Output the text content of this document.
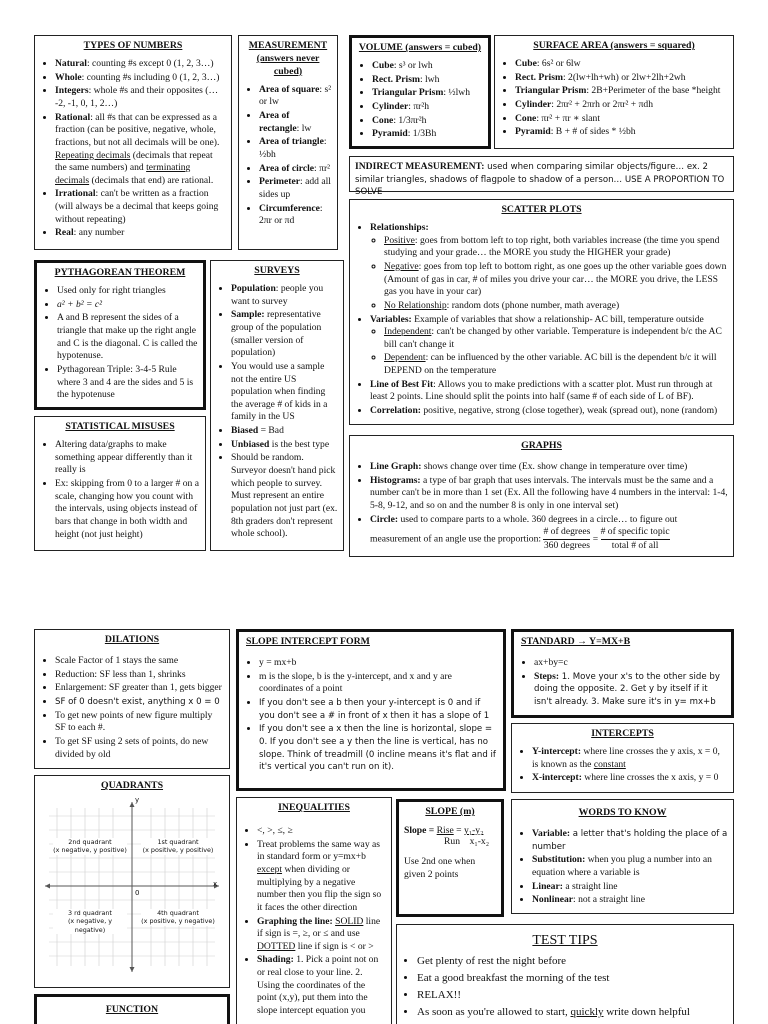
TYPES OF NUMBERS
• Natural: counting #s except 0 (1, 2, 3…)
• Whole: counting #s including 0 (1, 2, 3…)
• Integers: whole #s and their opposites (… -2, -1, 0, 1, 2…)
• Rational: all #s that can be expressed as a fraction (can be positive, negative, whole, fractions, but not all decimals will be one). Repeating decimals (decimals that repeat the same numbers) and terminating decimals (decimals that end) are rational.
• Irrational: can't be written as a fraction (will always be a decimal that keeps going without repeating)
• Real: any number
MEASUREMENT (answers never cubed)
• Area of square: s² or lw
• Area of rectangle: lw
• Area of triangle: ½bh
• Area of circle: πr²
• Perimeter: add all sides up
• Circumference: 2πr or πd
VOLUME (answers = cubed)
• Cube: s³ or lwh
• Rect. Prism: lwh
• Triangular Prism: ½lwh
• Cylinder: πr²h
• Cone: 1/3πr²h
• Pyramid: 1/3Bh
SURFACE AREA (answers = squared)
• Cube: 6s² or 6lw
• Rect. Prism: 2(lw+lh+wh) or 2lw+2lh+2wh
• Triangular Prism: 2B+Perimeter of the base *height
• Cylinder: 2πr² + 2πrh or 2πr² + πdh
• Cone: πr² + πr ∗ slant
• Pyramid: B + # of sides * ½bh
INDIRECT MEASUREMENT: used when comparing similar objects/figure… ex. 2 similar triangles, shadows of flagpole to shadow of a person… USE A PROPORTION TO SOLVE
SCATTER PLOTS
• Relationships:
◦ Positive: goes from bottom left to top right, both variables increase (the time you spend studying and your grade… the MORE you study the HIGHER your grade)
◦ Negative: goes from top left to bottom right, as one goes up the other variable goes down (Amount of gas in car, # of miles you drive your car… the MORE you drive, the LESS gas you have in your car)
◦ No Relationship: random dots (phone number, math average)
• Variables: Example of variables that show a relationship- AC bill, temperature outside
◦ Independent: can't be changed by other variable. Temperature is independent b/c the AC bill can't change it
◦ Dependent: can be influenced by the other variable. AC bill is the dependent b/c it will DEPEND on the temperature
• Line of Best Fit: Allows you to make predictions with a scatter plot. Must run through at least 2 points. Line should split the points into half (same # of each side of L of BF).
• Correlation: positive, negative, strong (close together), weak (spread out), none (random)
PYTHAGOREAN THEOREM
• Used only for right triangles
• a² + b² = c²
• A and B represent the sides of a triangle that make up the right angle and C is the diagonal. C is called the hypotenuse.
• Pythagorean Triple: 3-4-5 Rule where 3 and 4 are the sides and 5 is the hypotenuse
SURVEYS
• Population: people you want to survey
• Sample: representative group of the population (smaller version of population)
• You would use a sample not the entire US population when finding the average # of kids in a family in the US
• Biased = Bad
• Unbiased is the best type
• Should be random. Surveyor doesn't hand pick which people to survey. Must represent an entire population not just part (ex. 8th graders don't represent whole school).
STATISTICAL MISUSES
• Altering data/graphs to make something appear differently than it really is
• Ex: skipping from 0 to a larger # on a scale, changing how you count with the intervals, using objects instead of bars that change in both width and height (not just height)
GRAPHS
• Line Graph: shows change over time (Ex. show change in temperature over time)
• Histograms: a type of bar graph that uses intervals. The intervals must be the same and a number can't be in more than 1 set (Ex. All the following have 4 numbers in the interval: 1-4, 5-8, 9-12, and so on and the number 8 is only in one interval set)
• Circle: used to compare parts to a whole. 360 degrees in a circle… to figure out measurement of an angle use the proportion: $\frac{\text{\# of degrees}}{\text{360 degrees}} = \frac{\text{\# of specific topic}}{\text{total \# of all}}$
DILATIONS
• Scale Factor of 1 stays the same
• Reduction: SF less than 1, shrinks
• Enlargement: SF greater than 1, gets bigger
• SF of 0 doesn't exist, anything x 0 = 0
• To get new points of new figure multiply SF to each #.
• To get SF using 2 sets of points, do new divided by old
SLOPE INTERCEPT FORM
• y = mx+b
• m is the slope, b is the y-intercept, and x and y are coordinates of a point
• If you don't see a b then your y-intercept is 0 and if you don't see a # in front of x then it has a slope of 1
• If you don't see a x then the line is horizontal, slope = 0. If you don't see a y then the line is vertical, has no slope. Think of treadmill (0 incline means it's flat and if it's vertical you can't run on it).
STANDARD → Y=MX+B
• ax+by=c
• Steps: 1. Move your x's to the other side by doing the opposite. 2. Get y by itself if it isn't already. 3. Make sure it's in y= mx+b
INTERCEPTS
• Y-intercept: where line crosses the y axis, x = 0, is known as the constant
• X-intercept: where line crosses the x axis, y = 0
QUADRANTS
y
x
0
2nd quadrant
(x negative, y positive)
1st quadrant
(x positive, y positive)
3 rd quadrant
(x negative, y negative)
4th quadrant
(x positive, y negative)
INEQUALITIES
• <, >, ≤, ≥
• Treat problems the same way as in standard form or y=mx+b except when dividing or multiplying by a negative number then you flip the sign so it faces the other direction
• Graphing the line: SOLID line if sign is =, ≥, or ≤ and use DOTTED line if sign is < or >
• Shading: 1. Pick a point not on or real close to your line. 2. Using the coordinates of the point (x,y), put them into the slope intercept equation you
SLOPE (m)
Slope = Rise = y₁-y₂
Run x₁-x₂
Use 2nd one when given 2 points
WORDS TO KNOW
• Variable: a letter that's holding the place of a number
• Substitution: when you plug a number into an equation where a variable is
• Linear: a straight line
• Nonlinear: not a straight line
TEST TIPS
• Get plenty of rest the night before
• Eat a good breakfast the morning of the test
• RELAX!!
• As soon as you're allowed to start, quickly write down helpful
FUNCTION
